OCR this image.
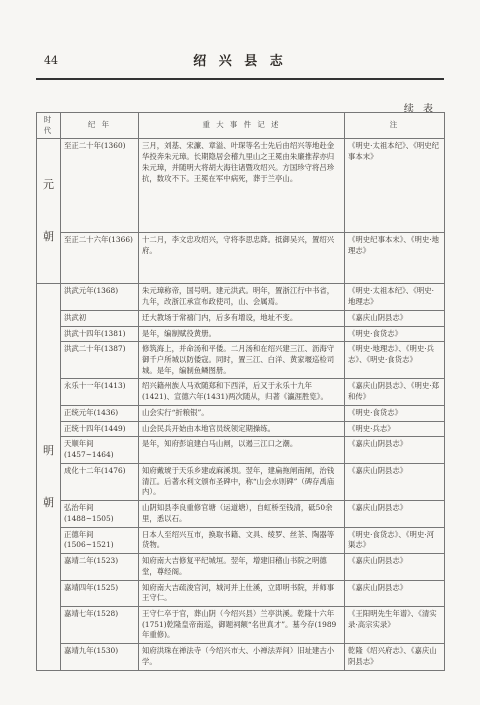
44	绍 兴 县 志
续 表
时代	纪 年	重 大 事 件 记 述	注

元
朝	至正二十年(1360)	三月，刘基、宋濂、章溢、叶琛等名士先后由绍兴等地赴金华投奔朱元璋。长期隐居会稽九里山之王冕由朱廉推荐亦归朱元璋，并随明大将胡大海往诸暨攻绍兴。方国珍守将吕珍抗，数攻不下。王冕在军中病死，葬于兰亭山。	《明史·太祖本纪》、《明史纪事本末》
	至正二十六年(1366)	十二月，李文忠攻绍兴，守将李思忠降。抵御吴兴，置绍兴府。	《明史纪事本末》、《明史·地理志》

明
朝	洪武元年(1368)	朱元璋称帝，国号明。建元洪武。明年，置浙江行中书省，九年，改浙江承宣布政使司，山、会属焉。	《明史·太祖本纪》、《明史·地理志》
	洪武初	迁大教场于常禧门内，后多有增设，地址不变。	《嘉庆山阴县志》
	洪武十四年(1381)	是年，编制赋役黄册。	《明史·食货志》
	洪武二十年(1387)	修筑海上，并命汤和平倭。二月汤和在绍兴建三江、沥海守御千户所城以防倭寇。同时，置三江、白洋、黄家堰巡检司城。是年，编制鱼鳞图册。	《明史·地理志》、《明史·兵志》、《明史·食货志》
	永乐十一年(1413)	绍兴籍州族人马欢随郑和下西洋，后又于永乐十九年(1421)、宣德六年(1431)两次随从，归著《瀛涯胜览》。	《嘉庆山阴县志》、《明史·郑和传》
	正统元年(1436)	山会实行“折粮银”。	《明史·食货志》
	正统十四年(1449)	山会民兵开始由本地官员统领定期操练。	《明史·兵志》
	天顺年间(1457~1464)	是年，知府彭谊建白马山闸，以遏三江口之潮。	《嘉庆山阴县志》
	成化十二年(1476)	知府戴琥于天乐乡建或麻溪坝。翌年，建扁拖闸南闸，治钱清江。后著水利文颁布圣碑中，称“山会水则碑”（碑存禹庙内）。	《嘉庆山阴县志》
	弘治年间(1488~1505)	山阴知县李良重修官塘（运道塘），自虹桥至钱清，砥50余里，悉以石。	《嘉庆山阴县志》
	正德年间(1506~1521)	日本人至绍兴互市，换取书籍、文具、绫罗、丝茶、陶器等货物。	《明史·食货志》、《明史·河渠志》
	嘉靖二年(1523)	知府南大吉修复平纪城垣。翌年，增建旧稽山书院之明德堂，尊经阁。	《嘉庆山阴县志》
	嘉靖四年(1525)	知府南大吉疏浚官河，城河并上仕溪，立即明书院，并师事王守仁。	《嘉庆山阴县志》
	嘉靖七年(1528)	王守仁卒于官，葬山阴（今绍兴县）兰亭洪溪。乾隆十六年(1751)乾隆皇帝南巡，御题祠额“名世真才”。墓今存(1989年重修)。	《王阳明先生年谱》、《清实录·高宗实录》
	嘉靖九年(1530)	知府洪珠在禅法寺（今绍兴市大、小禅法弄间）旧址建古小学。	乾隆《绍兴府志》、《嘉庆山阴县志》
